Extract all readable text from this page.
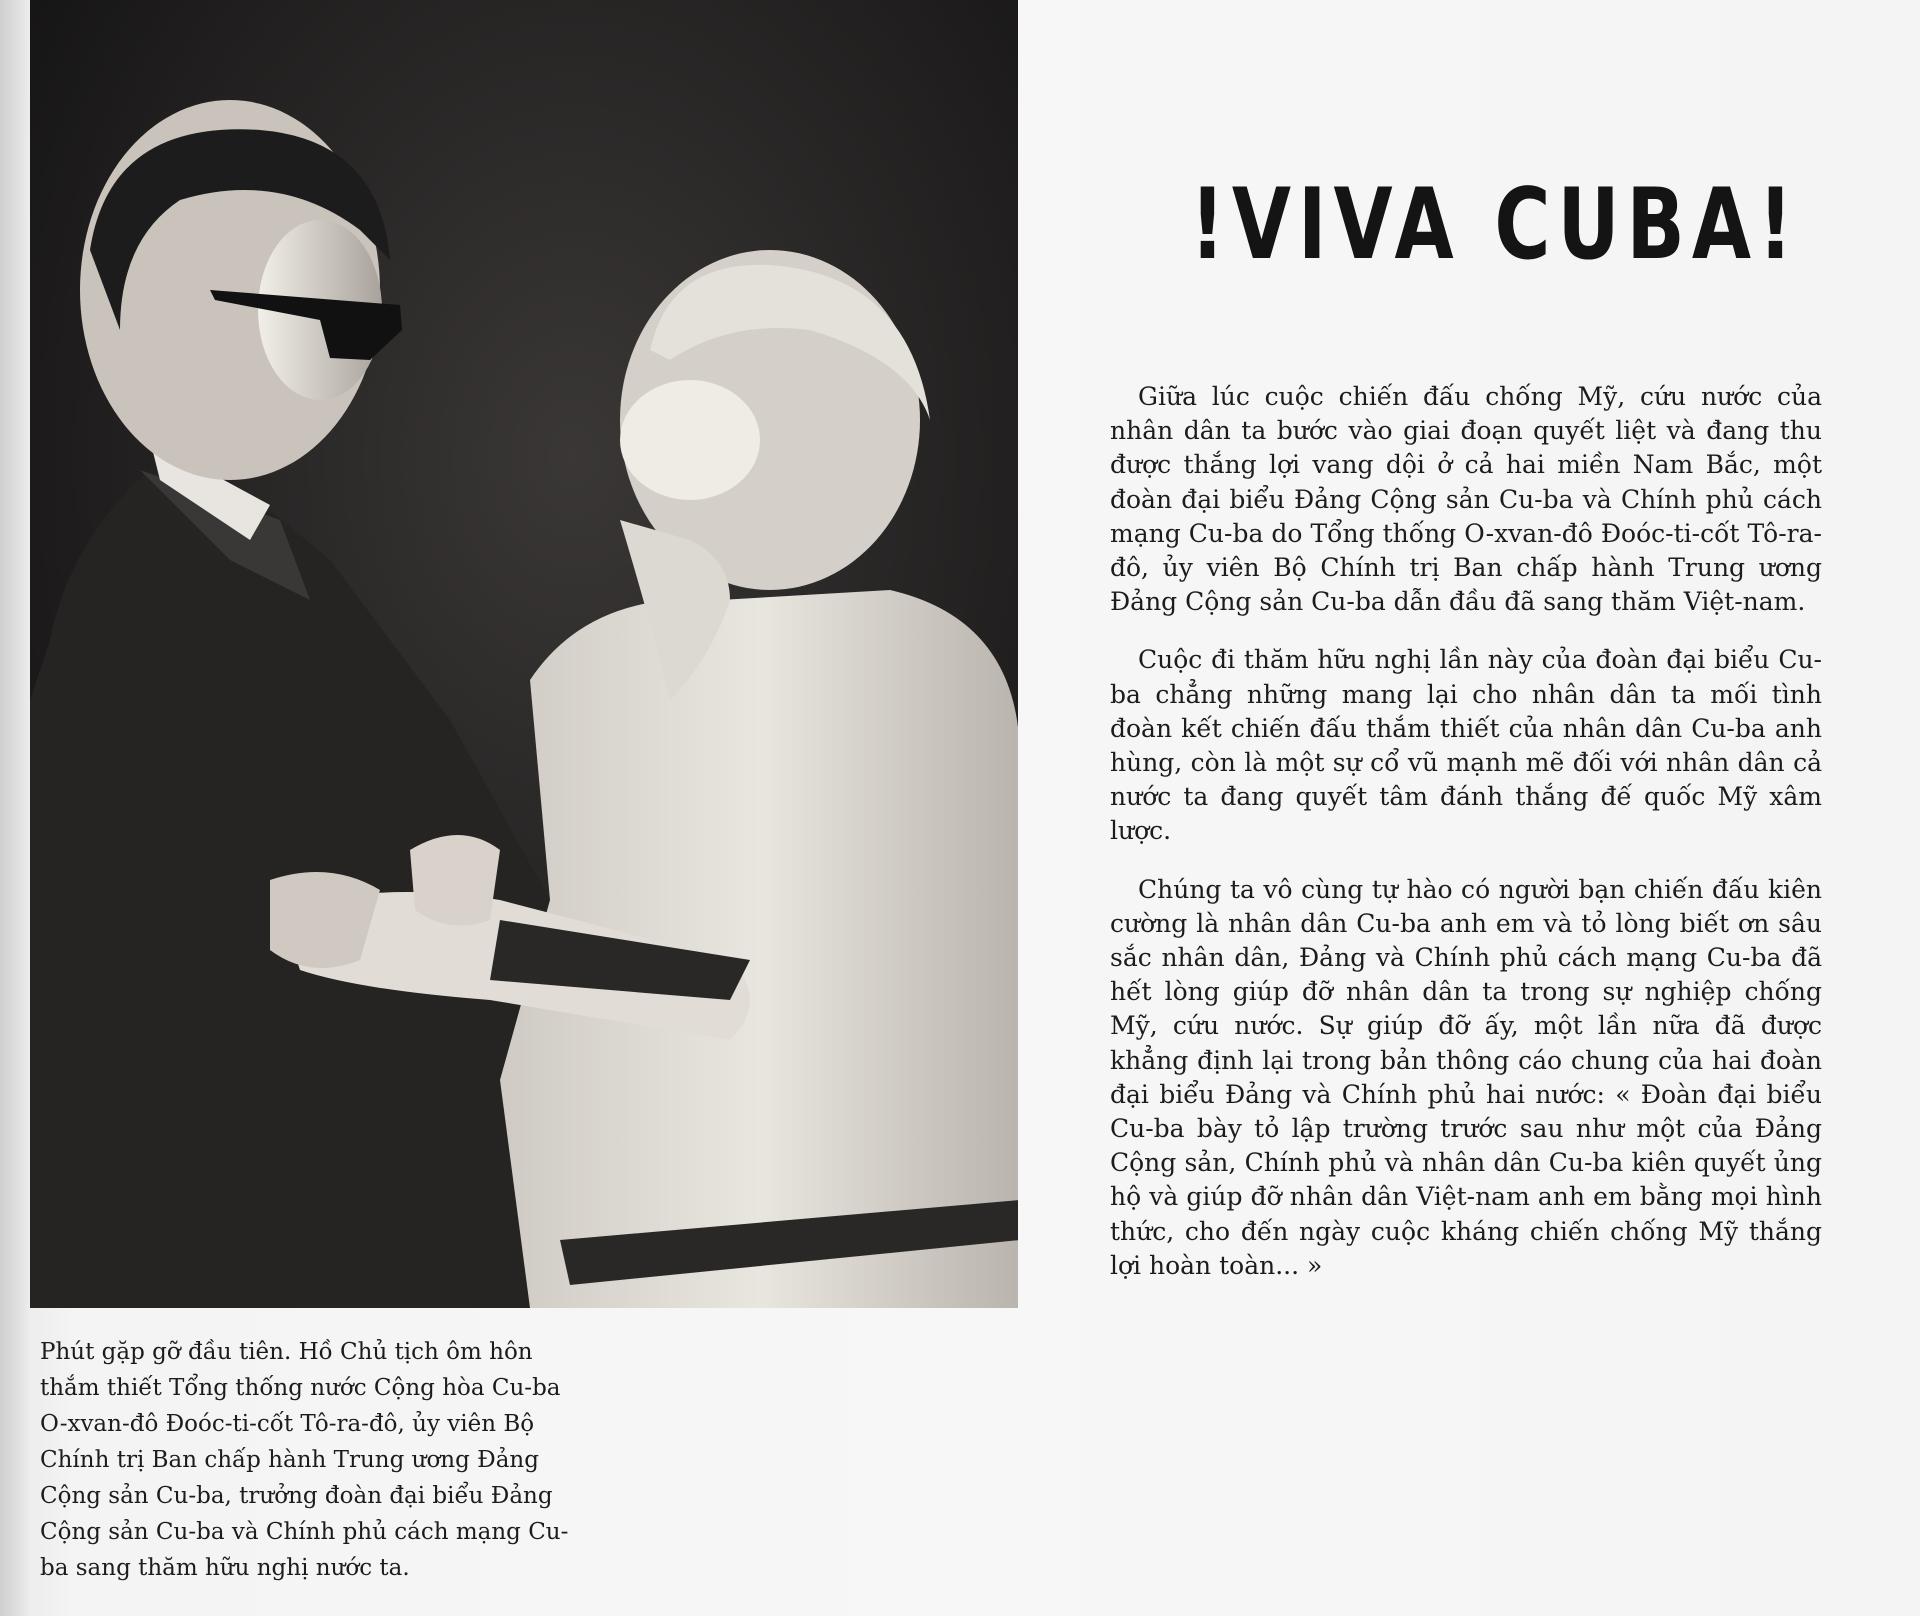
Phút gặp gỡ đầu tiên. Hồ Chủ tịch ôm hôn thắm thiết Tổng thống nước Cộng hòa Cu-ba O-xvan-đô Đoóc-ti-cốt Tô-ra-đô, ủy viên Bộ Chính trị Ban chấp hành Trung ương Đảng Cộng sản Cu-ba, trưởng đoàn đại biểu Đảng Cộng sản Cu-ba và Chính phủ cách mạng Cu-ba sang thăm hữu nghị nước ta.

!VIVA CUBA!

Giữa lúc cuộc chiến đấu chống Mỹ, cứu nước của nhân dân ta bước vào giai đoạn quyết liệt và đang thu được thắng lợi vang dội ở cả hai miền Nam Bắc, một đoàn đại biểu Đảng Cộng sản Cu-ba và Chính phủ cách mạng Cu-ba do Tổng thống O-xvan-đô Đoóc-ti-cốt Tô-ra-đô, ủy viên Bộ Chính trị Ban chấp hành Trung ương Đảng Cộng sản Cu-ba dẫn đầu đã sang thăm Việt-nam.

Cuộc đi thăm hữu nghị lần này của đoàn đại biểu Cu-ba chẳng những mang lại cho nhân dân ta mối tình đoàn kết chiến đấu thắm thiết của nhân dân Cu-ba anh hùng, còn là một sự cổ vũ mạnh mẽ đối với nhân dân cả nước ta đang quyết tâm đánh thắng đế quốc Mỹ xâm lược.

Chúng ta vô cùng tự hào có người bạn chiến đấu kiên cường là nhân dân Cu-ba anh em và tỏ lòng biết ơn sâu sắc nhân dân, Đảng và Chính phủ cách mạng Cu-ba đã hết lòng giúp đỡ nhân dân ta trong sự nghiệp chống Mỹ, cứu nước. Sự giúp đỡ ấy, một lần nữa đã được khẳng định lại trong bản thông cáo chung của hai đoàn đại biểu Đảng và Chính phủ hai nước: « Đoàn đại biểu Cu-ba bày tỏ lập trường trước sau như một của Đảng Cộng sản, Chính phủ và nhân dân Cu-ba kiên quyết ủng hộ và giúp đỡ nhân dân Việt-nam anh em bằng mọi hình thức, cho đến ngày cuộc kháng chiến chống Mỹ thắng lợi hoàn toàn... »
